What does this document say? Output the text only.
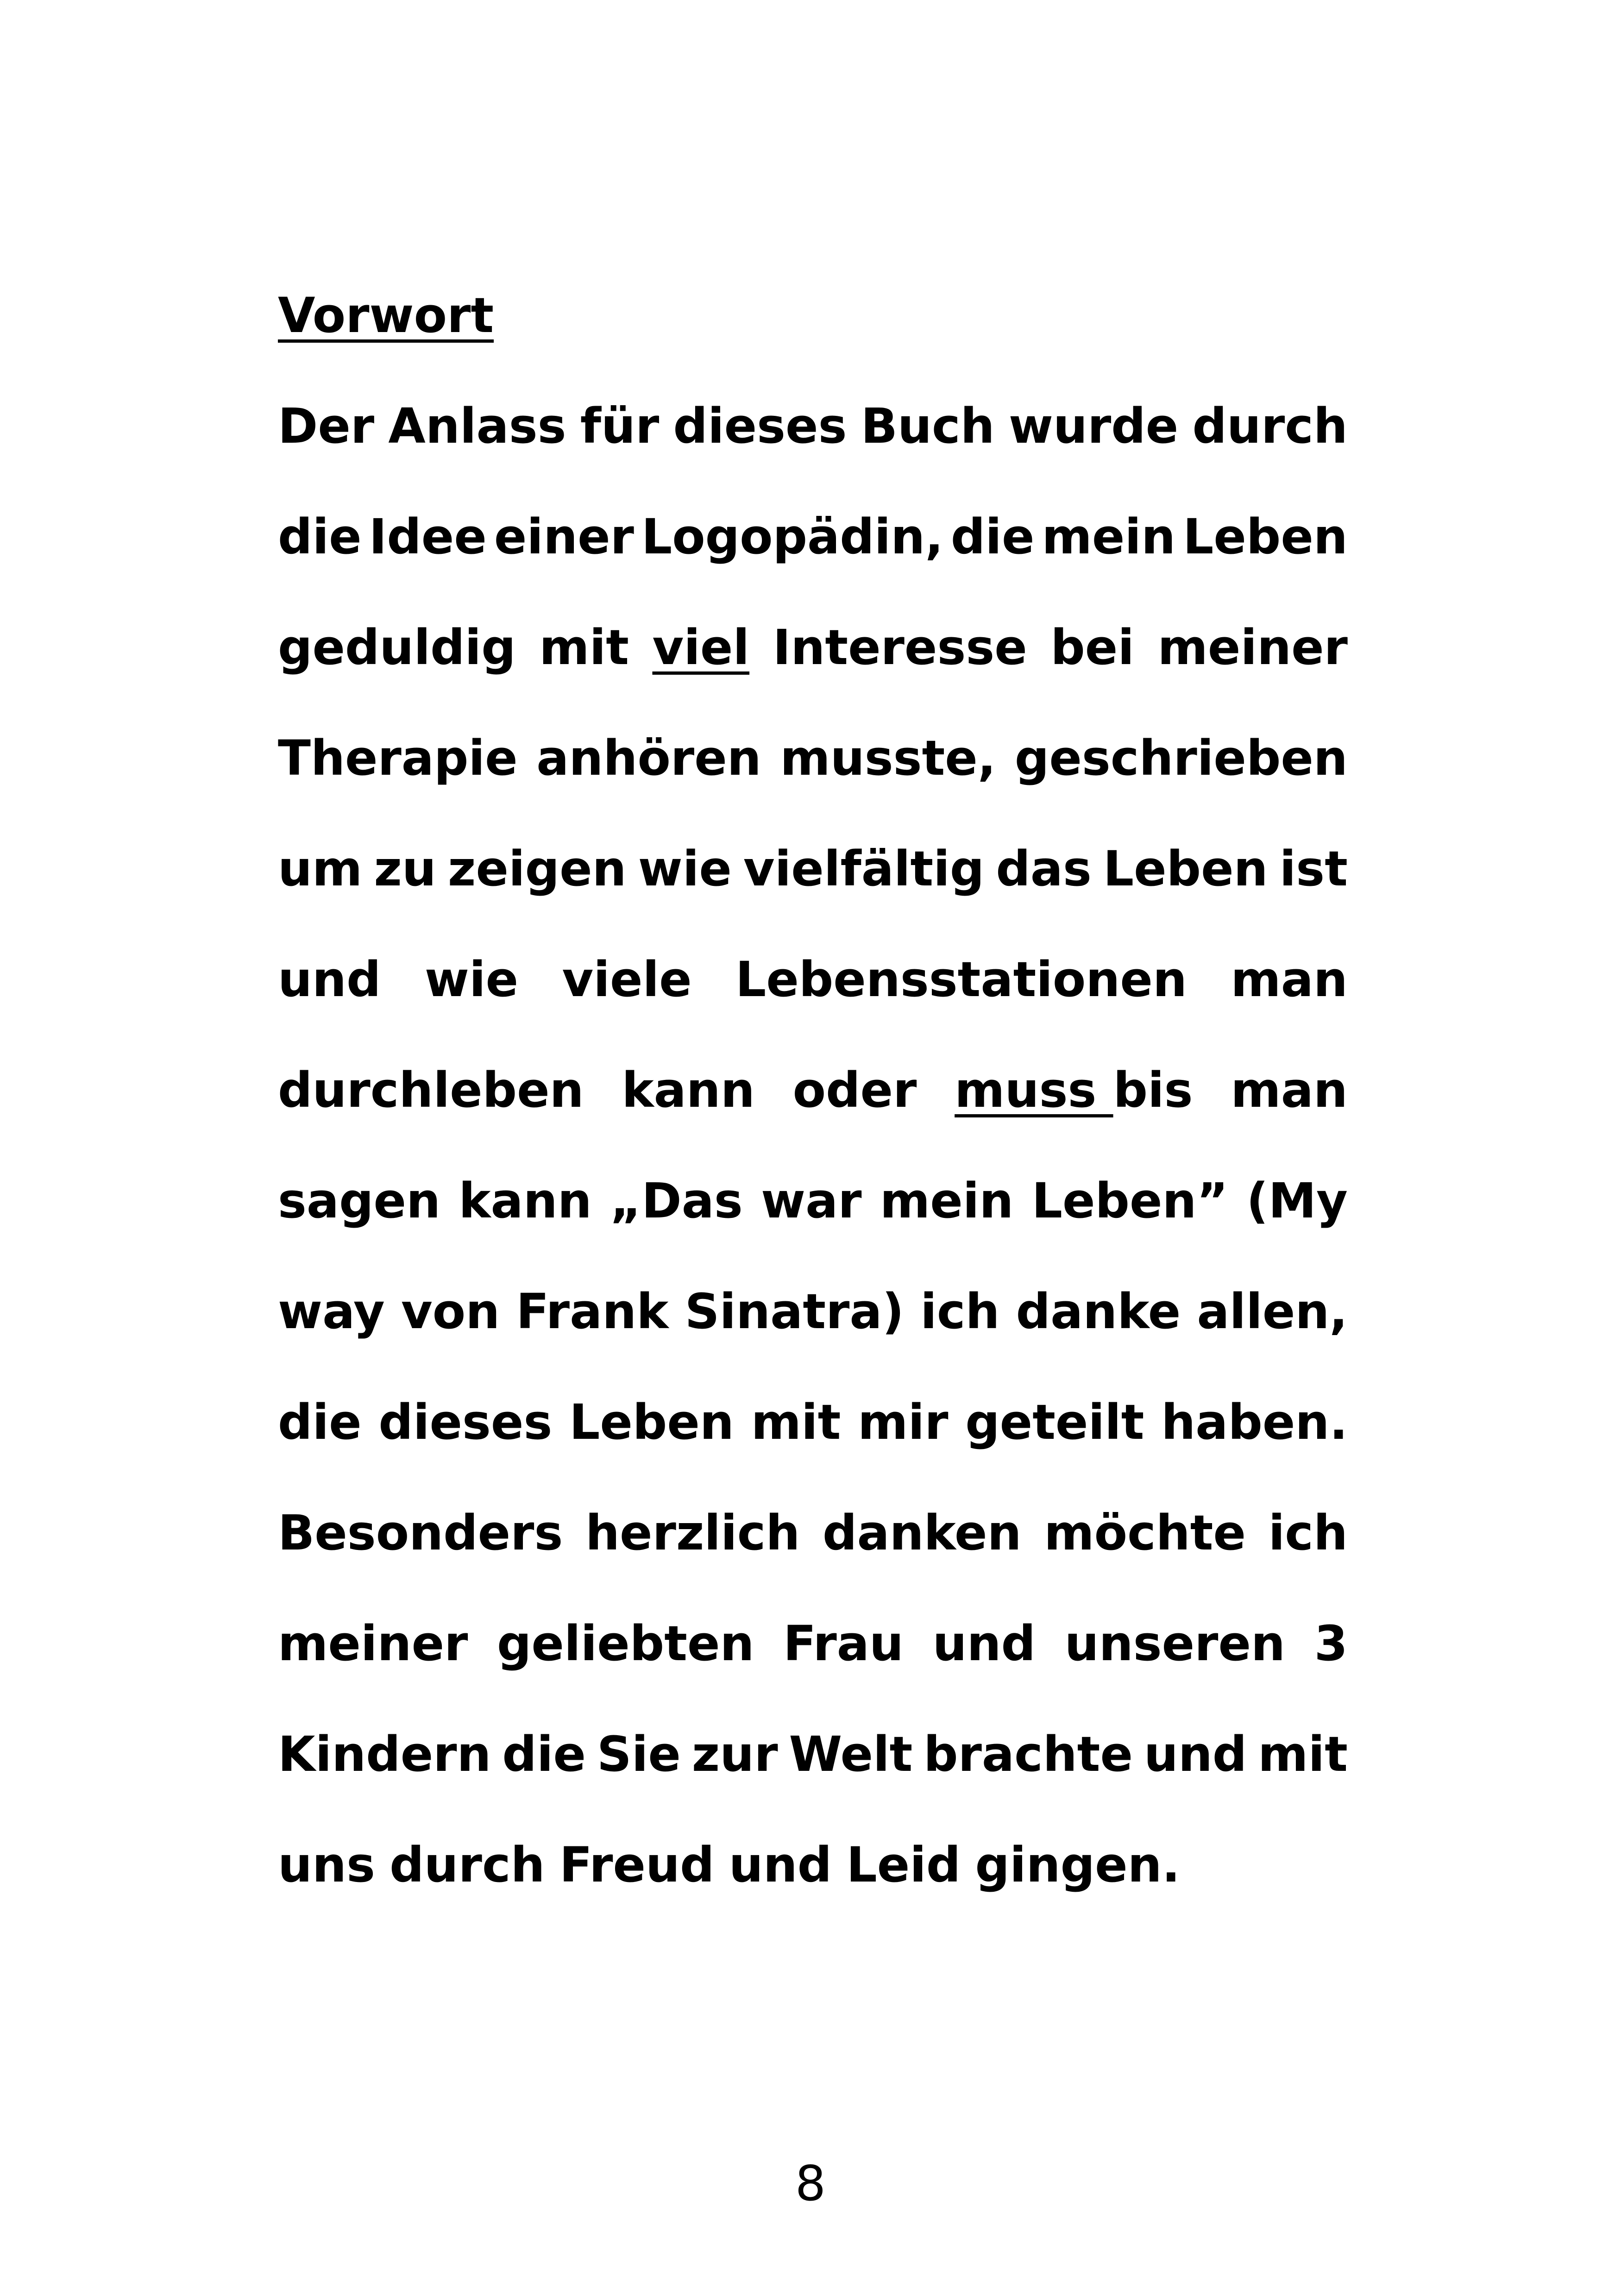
Vorwort
Der Anlass für dieses Buch wurde durch
die Idee einer Logopädin, die mein Leben
geduldig mit viel Interesse bei meiner
Therapie anhören musste, geschrieben
um zu zeigen wie vielfältig das Leben ist
und wie viele Lebensstationen man
durchleben kann oder muss bis man
sagen kann „Das war mein Leben” (My
way von Frank Sinatra) ich danke allen,
die dieses Leben mit mir geteilt haben.
Besonders herzlich danken möchte ich
meiner geliebten Frau und unseren 3
Kindern die Sie zur Welt brachte und mit
uns durch Freud und Leid gingen.
8
